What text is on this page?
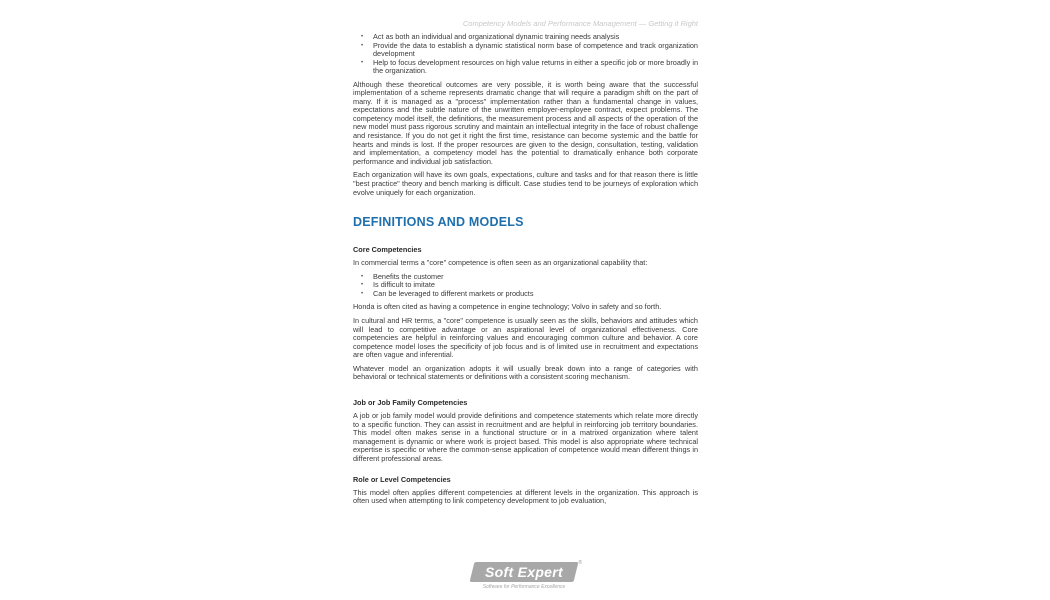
Competency Models and Performance Management — Getting it Right
• Act as both an individual and organizational dynamic training needs analysis
• Provide the data to establish a dynamic statistical norm base of competence and track organization development
• Help to focus development resources on high value returns in either a specific job or more broadly in the organization.

Although these theoretical outcomes are very possible, it is worth being aware that the successful implementation of a scheme represents dramatic change that will require a paradigm shift on the part of many. If it is managed as a "process" implementation rather than a fundamental change in values, expectations and the subtle nature of the unwritten employer-employee contract, expect problems. The competency model itself, the definitions, the measurement process and all aspects of the operation of the new model must pass rigorous scrutiny and maintain an intellectual integrity in the face of robust challenge and resistance. If you do not get it right the first time, resistance can become systemic and the battle for hearts and minds is lost. If the proper resources are given to the design, consultation, testing, validation and implementation, a competency model has the potential to dramatically enhance both corporate performance and individual job satisfaction.

Each organization will have its own goals, expectations, culture and tasks and for that reason there is little "best practice" theory and bench marking is difficult. Case studies tend to be journeys of exploration which evolve uniquely for each organization.

DEFINITIONS AND MODELS
Core Competencies

In commercial terms a "core" competence is often seen as an organizational capability that:

• Benefits the customer
• Is difficult to imitate
• Can be leveraged to different markets or products

Honda is often cited as having a competence in engine technology; Volvo in safety and so forth.

In cultural and HR terms, a "core" competence is usually seen as the skills, behaviors and attitudes which will lead to competitive advantage or an aspirational level of organizational effectiveness. Core competencies are helpful in reinforcing values and encouraging common culture and behavior. A core competence model loses the specificity of job focus and is of limited use in recruitment and expectations are often vague and inferential.

Whatever model an organization adopts it will usually break down into a range of categories with behavioral or technical statements or definitions with a consistent scoring mechanism.

Job or Job Family Competencies

A job or job family model would provide definitions and competence statements which relate more directly to a specific function. They can assist in recruitment and are helpful in reinforcing job territory boundaries. This model often makes sense in a functional structure or in a matrixed organization where talent management is dynamic or where work is project based. This model is also appropriate where technical expertise is specific or where the common-sense application of competence would mean different things in different professional areas.

Role or Level Competencies

This model often applies different competencies at different levels in the organization. This approach is often used when attempting to link competency development to job evaluation,

Soft Expert
®
Software for Performance Excellence
